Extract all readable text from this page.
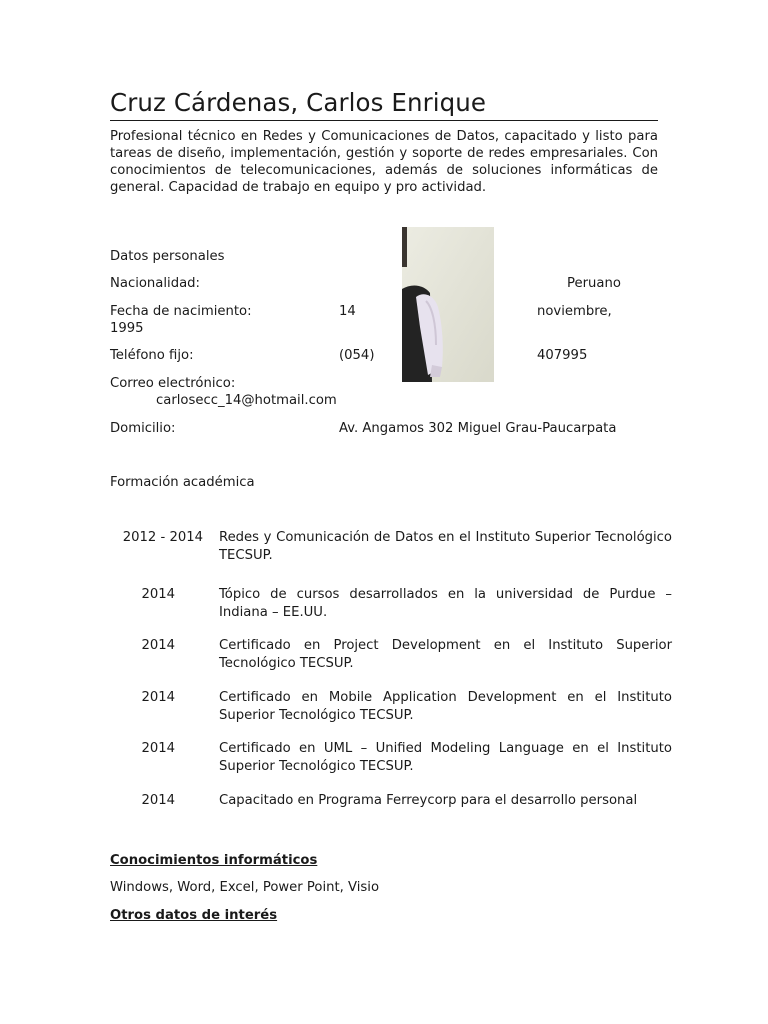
Cruz Cárdenas, Carlos Enrique
Profesional técnico en Redes y Comunicaciones de Datos, capacitado y listo para tareas de diseño, implementación, gestión y soporte de redes empresariales. Con conocimientos de telecomunicaciones, además de soluciones informáticas de general. Capacidad de trabajo en equipo y pro actividad.
Datos personales
Nacionalidad:	Peruano
Fecha de nacimiento:	14	noviembre,
1995
Teléfono fijo:	(054)	407995
Correo electrónico:
carlosecc_14@hotmail.com
Domicilio:	Av. Angamos 302 Miguel Grau-Paucarpata
Formación académica
2012 - 2014 Redes y Comunicación de Datos en el Instituto Superior Tecnológico TECSUP.
2014	Tópico de cursos desarrollados en la universidad de Purdue – Indiana – EE.UU.
2014	Certificado en Project Development en el Instituto Superior Tecnológico TECSUP.
2014	Certificado en Mobile Application Development en el Instituto Superior Tecnológico TECSUP.
2014	Certificado en UML – Unified Modeling Language en el Instituto Superior Tecnológico TECSUP.
2014	Capacitado en Programa Ferreycorp para el desarrollo personal
Conocimientos informáticos
Windows, Word, Excel, Power Point, Visio
Otros datos de interés
